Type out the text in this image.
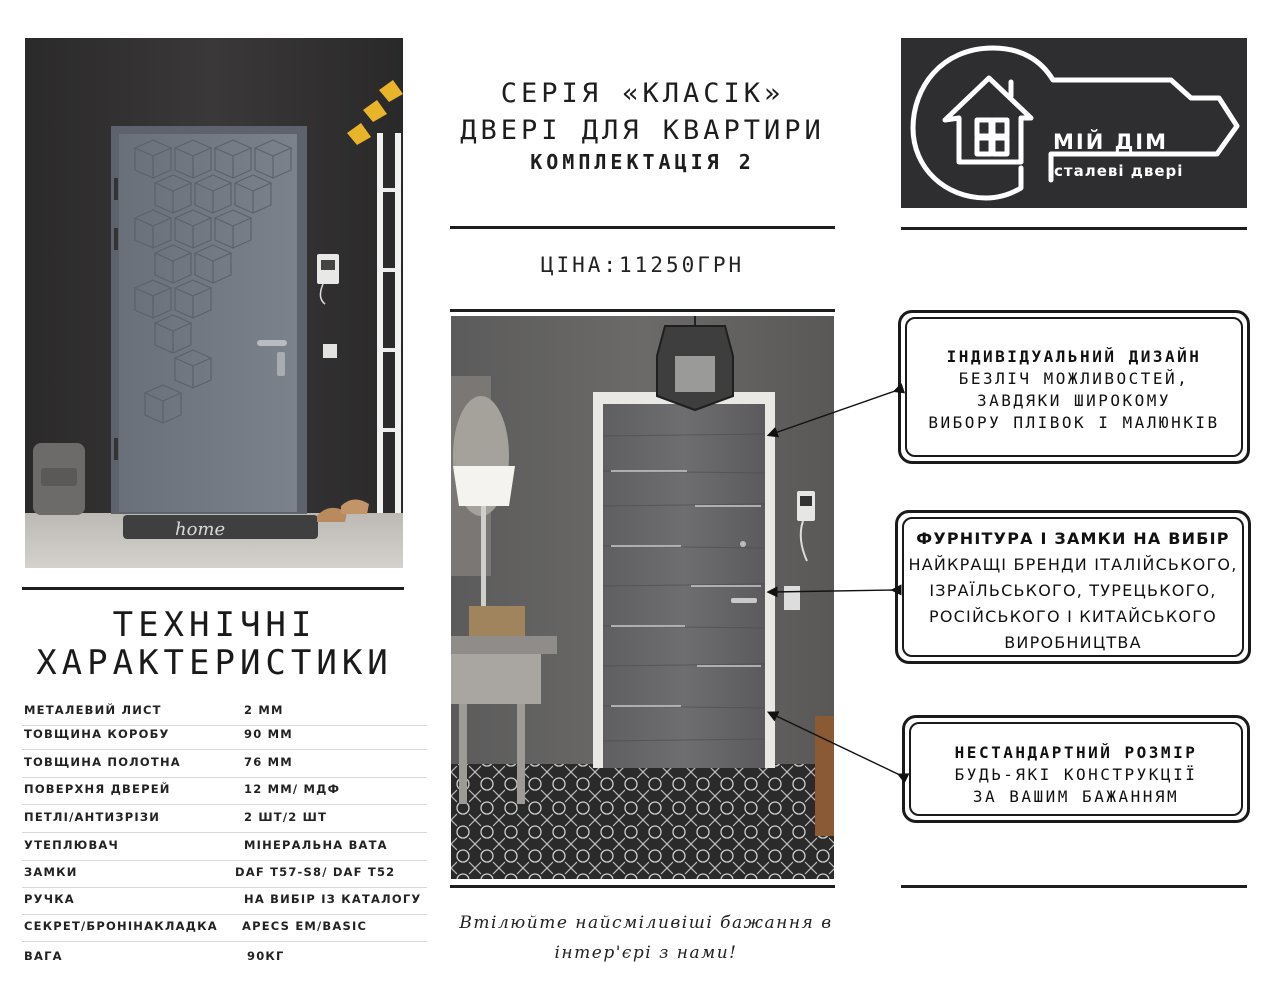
home
СЕРІЯ «КЛАСІК»
ДВЕРІ ДЛЯ КВАРТИРИ
КОМПЛЕКТАЦІЯ 2
ЦІНА:11250ГРН
МІЙ ДІМ
сталеві двері
ІНДИВІДУАЛЬНИЙ ДИЗАЙН
БЕЗЛІЧ МОЖЛИВОСТЕЙ,
ЗАВДЯКИ ШИРОКОМУ
ВИБОРУ ПЛІВОК І МАЛЮНКІВ
ФУРНІТУРА І ЗАМКИ НА ВИБІР
НАЙКРАЩІ БРЕНДИ ІТАЛІЙСЬКОГО,
ІЗРАЇЛЬСЬКОГО, ТУРЕЦЬКОГО,
РОСІЙСЬКОГО І КИТАЙСЬКОГО
ВИРОБНИЦТВА
НЕСТАНДАРТНИЙ РОЗМІР
БУДЬ-ЯКІ КОНСТРУКЦІЇ
ЗА ВАШИМ БАЖАННЯМ
ТЕХНІЧНІ
ХАРАКТЕРИСТИКИ
МЕТАЛЕВИЙ ЛИСТ	2 ММ
ТОВЩИНА КОРОБУ	90 ММ
ТОВЩИНА ПОЛОТНА	76 ММ
ПОВЕРХНЯ ДВЕРЕЙ	12 ММ/ МДФ
ПЕТЛІ/АНТИЗРІЗИ	2 ШТ/2 ШТ
УТЕПЛЮВАЧ	МІНЕРАЛЬНА ВАТА
ЗАМКИ	DAF T57-S8/ DAF T52
РУЧКА	НА ВИБІР ІЗ КАТАЛОГУ
СЕКРЕТ/БРОНІНАКЛАДКА APECS EM/BASIC
ВАГА	90КГ
Втілюйте найсміливіші бажання в
інтер'єрі з нами!
